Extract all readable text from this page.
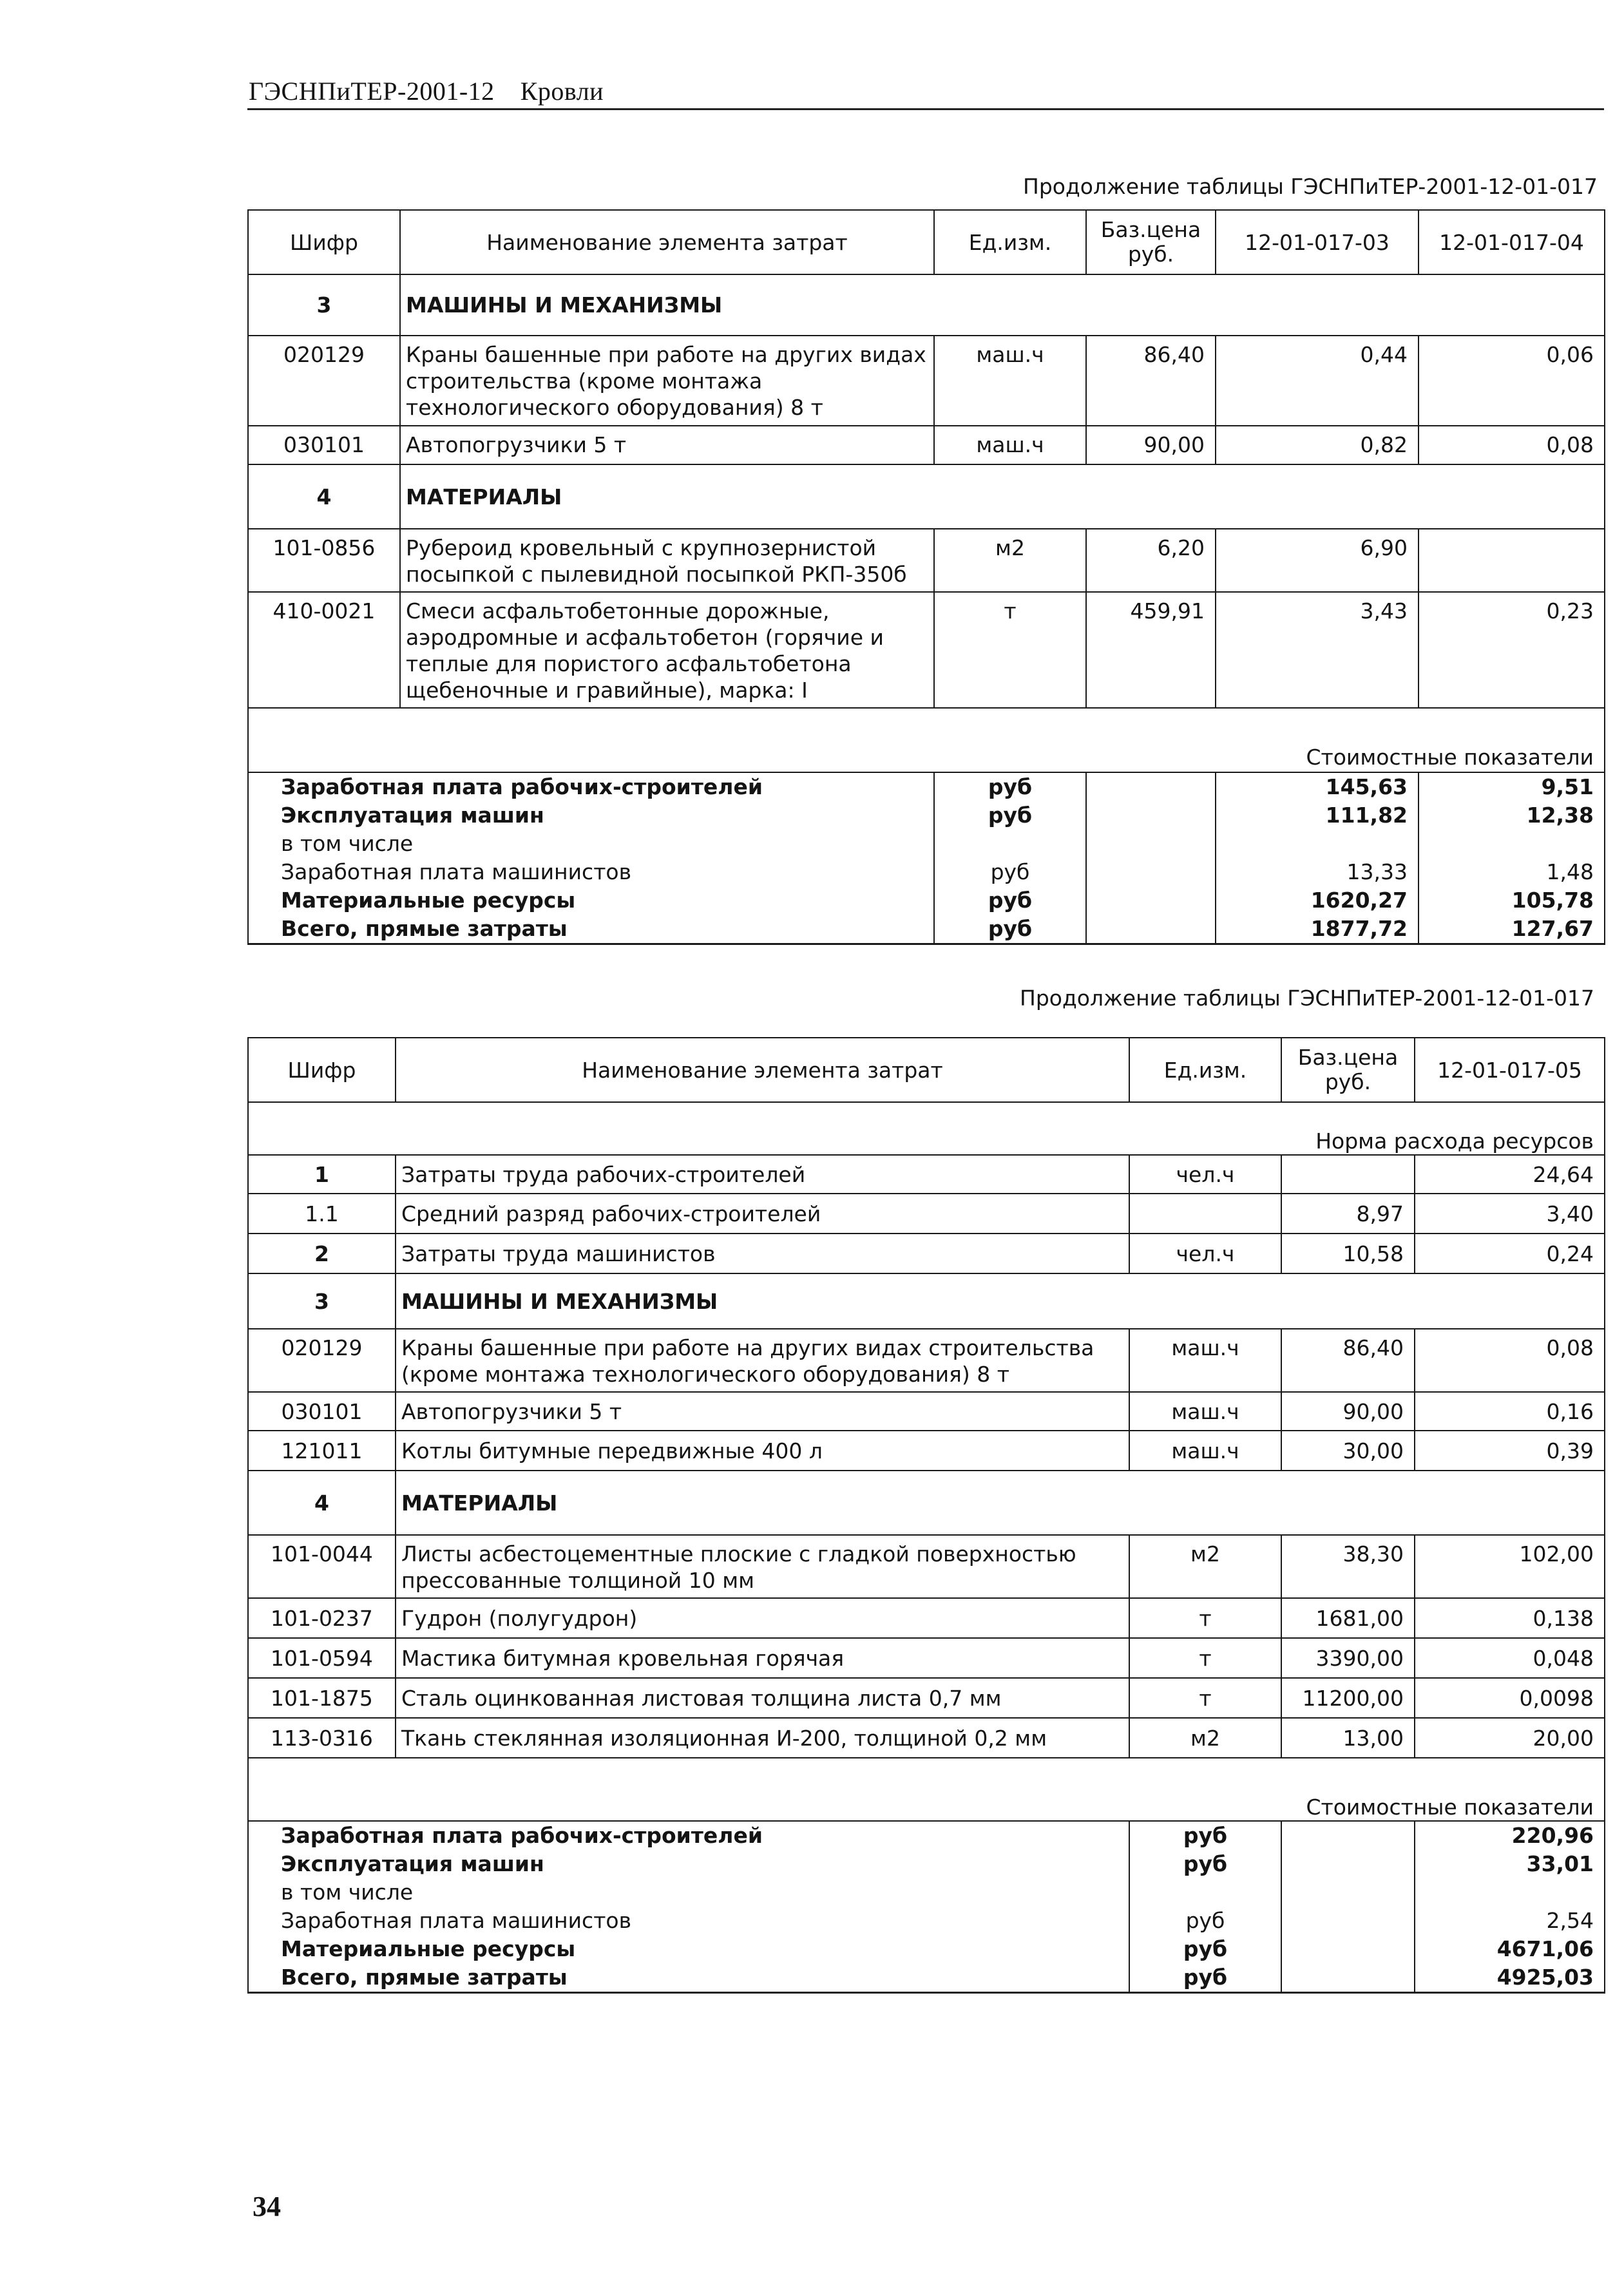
ГЭСНПиТЕР-2001-12 Кровли
Продолжение таблицы ГЭСНПиТЕР-2001-12-01-017
Шифр	Наименование элемента затрат	Ед.изм.	Баз.цена руб.	12-01-017-03	12-01-017-04
3	МАШИНЫ И МЕХАНИЗМЫ				
020129	Краны башенные при работе на других видах строительства (кроме монтажа технологического оборудования) 8 т	маш.ч	86,40	0,44	0,06
030101	Автопогрузчики 5 т	маш.ч	90,00	0,82	0,08
4	МАТЕРИАЛЫ				
101-0856	Рубероид кровельный с крупнозернистой посыпкой с пылевидной посыпкой РКП-350б	м2	6,20	6,90	
410-0021	Смеси асфальтобетонные дорожные, аэродромные и асфальтобетон (горячие и теплые для пористого асфальтобетона щебеночные и гравийные), марка: I	т	459,91	3,43	0,23
Стоимостные показатели					
Заработная плата рабочих-строителей		руб		145,63	9,51
Эксплуатация машин		руб		111,82	12,38
в том числе					
Заработная плата машинистов		руб		13,33	1,48
Материальные ресурсы		руб		1620,27	105,78
Всего, прямые затраты		руб		1877,72	127,67
Продолжение таблицы ГЭСНПиТЕР-2001-12-01-017
Шифр	Наименование элемента затрат	Ед.изм.	Баз.цена руб.	12-01-017-05
Норма расхода ресурсов				
1	Затраты труда рабочих-строителей	чел.ч		24,64
1.1	Средний разряд рабочих-строителей		8,97	3,40
2	Затраты труда машинистов	чел.ч	10,58	0,24
3	МАШИНЫ И МЕХАНИЗМЫ			
020129	Краны башенные при работе на других видах строительства (кроме монтажа технологического оборудования) 8 т	маш.ч	86,40	0,08
030101	Автопогрузчики 5 т	маш.ч	90,00	0,16
121011	Котлы битумные передвижные 400 л	маш.ч	30,00	0,39
4	МАТЕРИАЛЫ			
101-0044	Листы асбестоцементные плоские с гладкой поверхностью прессованные толщиной 10 мм	м2	38,30	102,00
101-0237	Гудрон (полугудрон)	т	1681,00	0,138
101-0594	Мастика битумная кровельная горячая	т	3390,00	0,048
101-1875	Сталь оцинкованная листовая толщина листа 0,7 мм	т	11200,00	0,0098
113-0316	Ткань стеклянная изоляционная И-200, толщиной 0,2 мм	м2	13,00	20,00
Стоимостные показатели				
Заработная плата рабочих-строителей		руб		220,96
Эксплуатация машин		руб		33,01
в том числе				
Заработная плата машинистов		руб		2,54
Материальные ресурсы		руб		4671,06
Всего, прямые затраты		руб		4925,03
34
